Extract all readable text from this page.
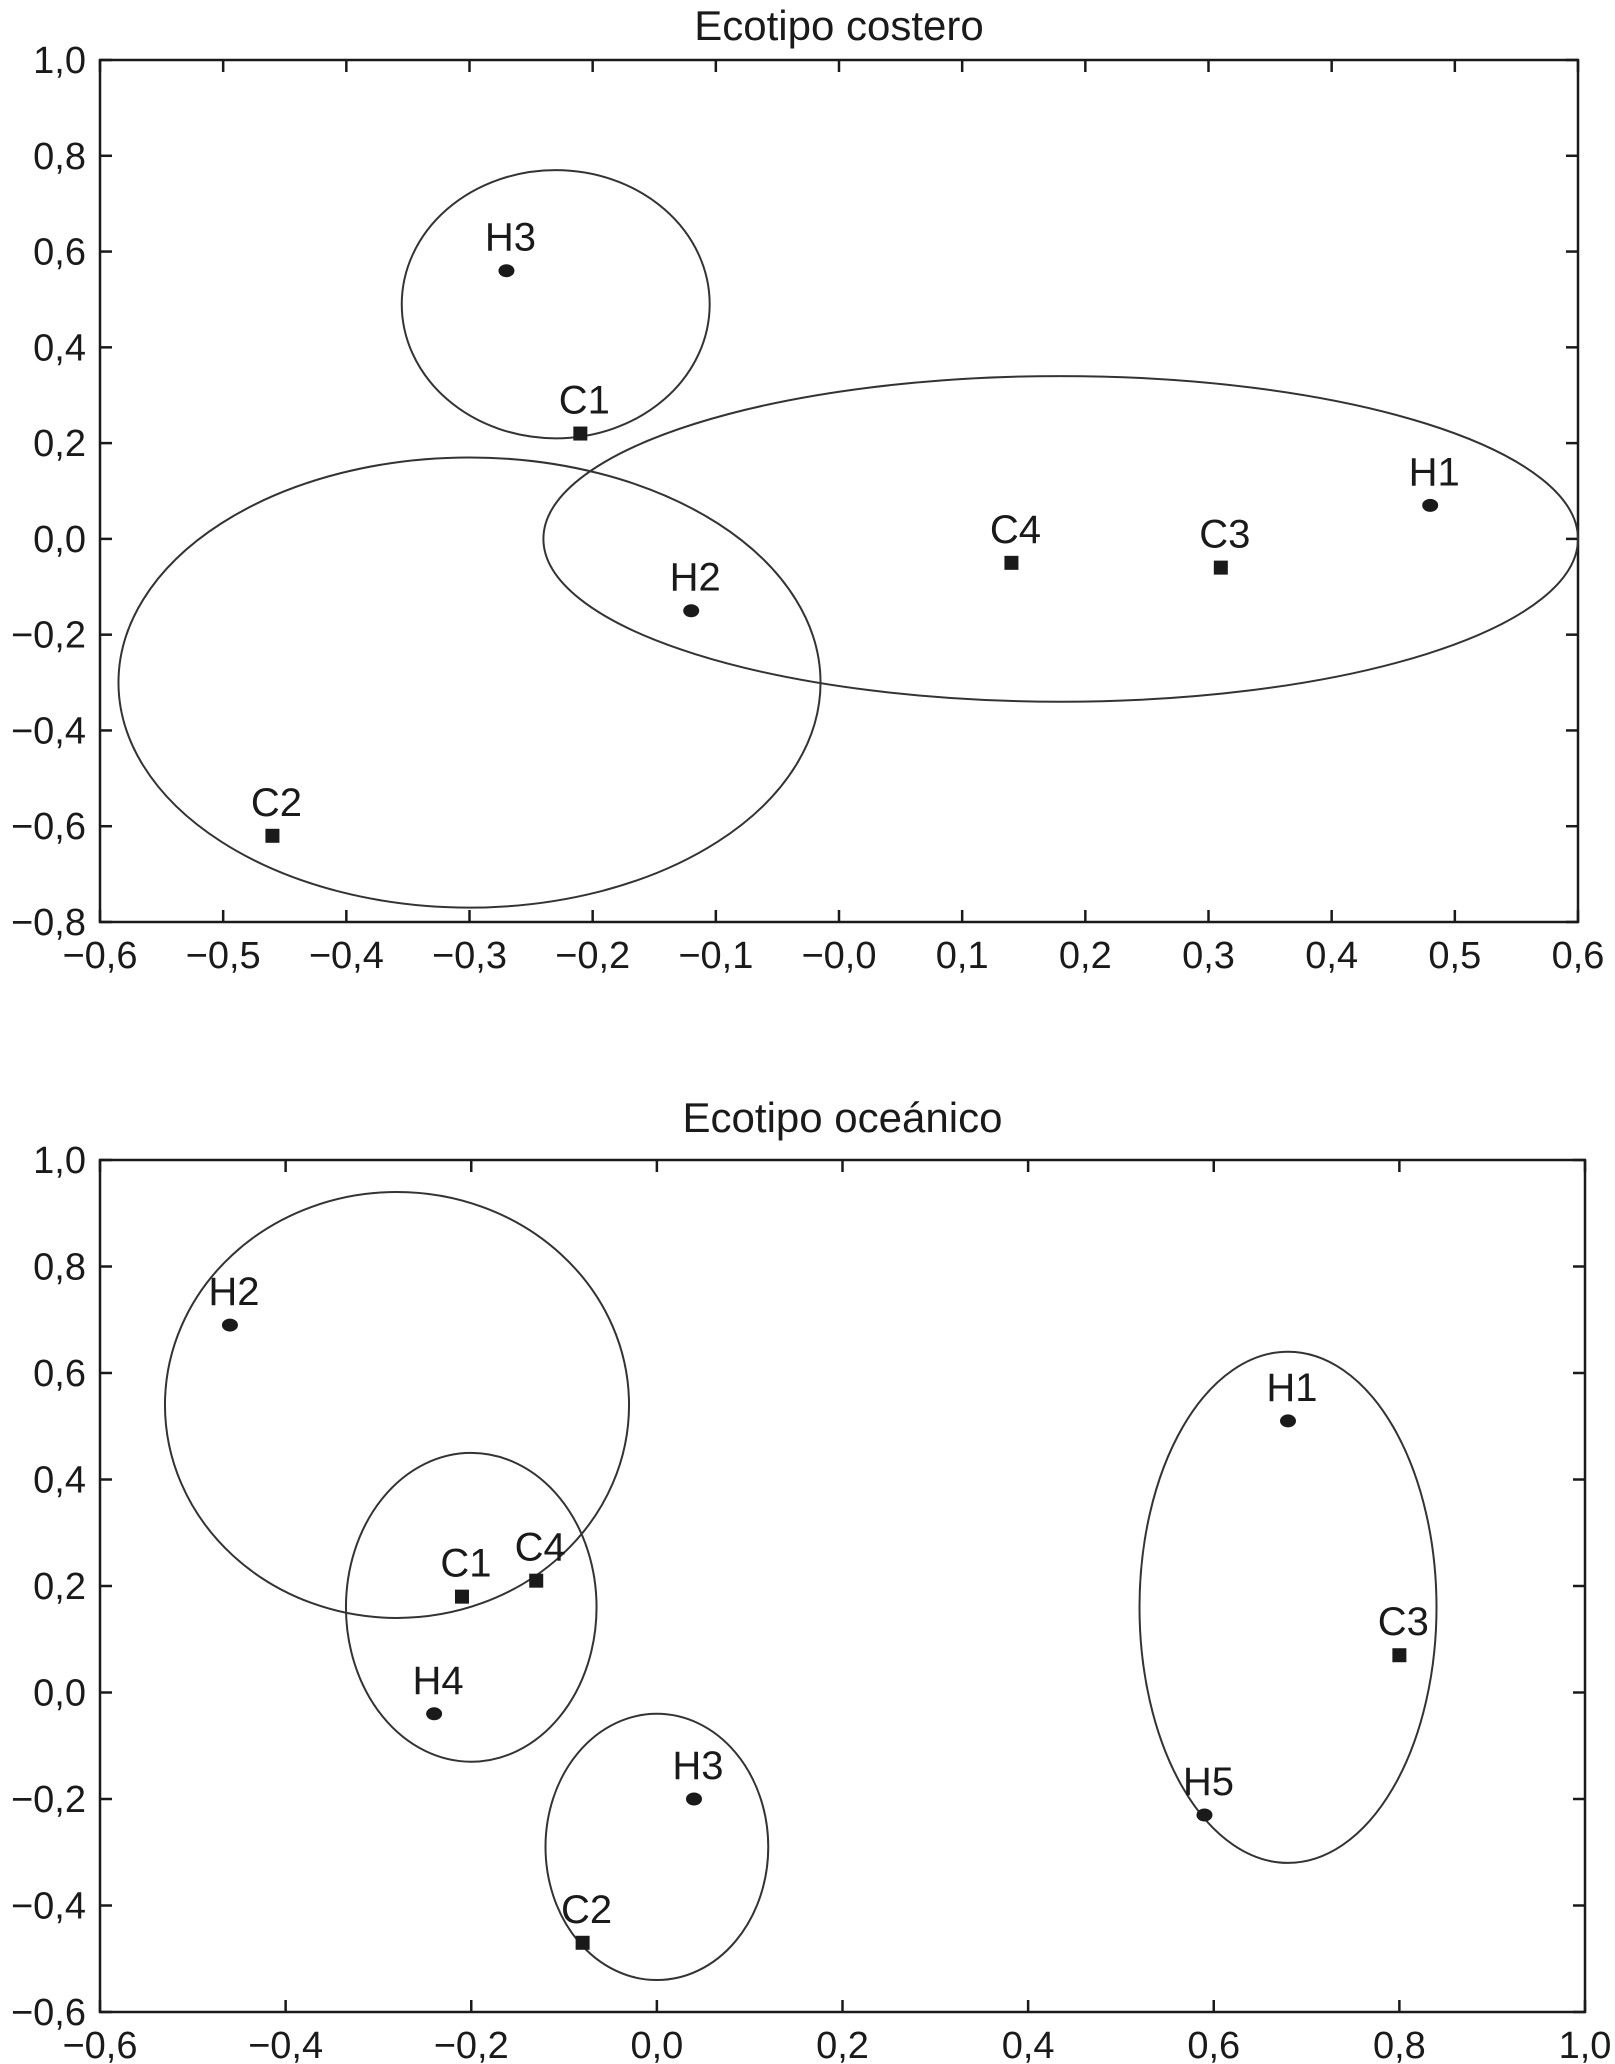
Ecotipo costero
Ecotipo oceánico
−0,6 −0,5 −0,4 −0,3 −0,2 −0,1 −0,0 0,1 0,2 0,3 0,4 0,5 0,6
1,0
0,8
0,6
0,4
0,2
0,0
−0,2
−0,4
−0,6
−0,8
H3
C1
H2
C2
C4	C3
H1
−0,6	−0,4	−0,2	0,0	0,2	0,4	0,6	0,8	1,0
1,0
0,8
0,6
0,4
0,2
0,0
−0,2
−0,4
−0,6
H2
C1 C4
H4
H3
C2
H1
C3
H5
